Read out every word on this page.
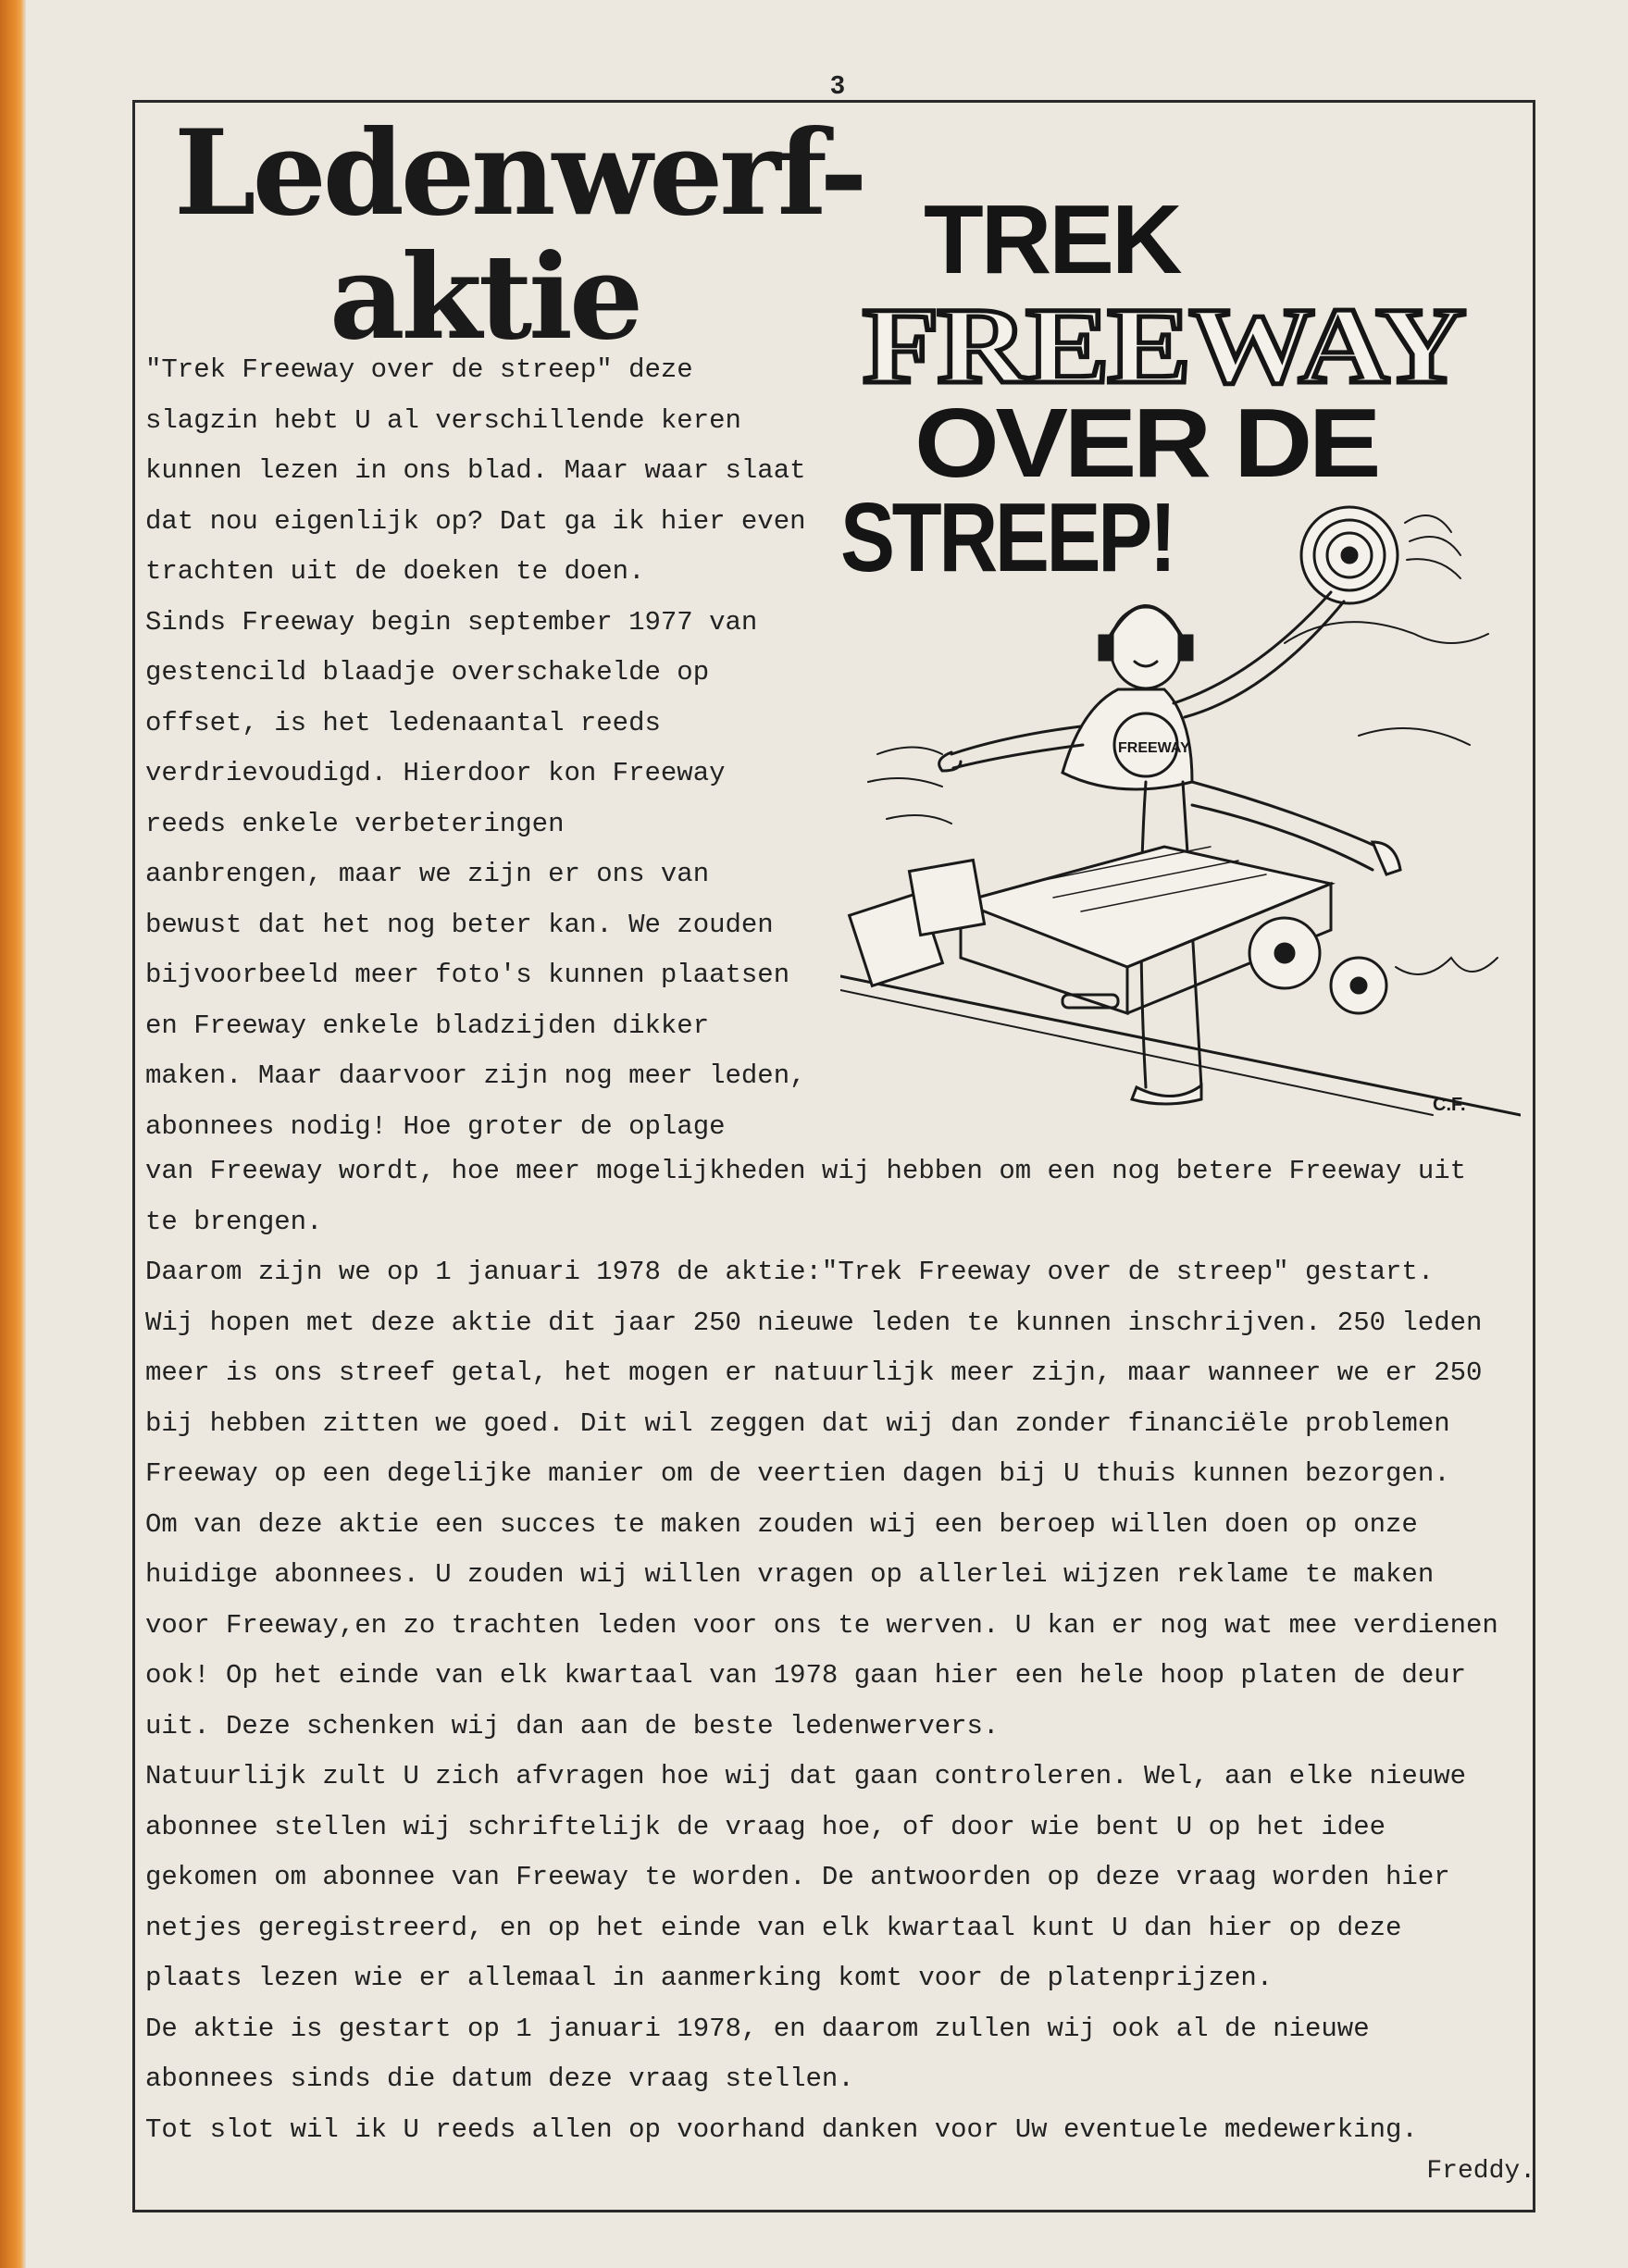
3
Ledenwerf-
aktie
"Trek Freeway over de streep" deze
slagzin hebt U al verschillende keren
kunnen lezen in ons blad. Maar waar slaat
dat nou eigenlijk op? Dat ga ik hier even
trachten uit de doeken te doen.
Sinds Freeway begin september 1977 van
gestencild blaadje overschakelde op
offset, is het ledenaantal reeds
verdrievoudigd. Hierdoor kon Freeway
reeds enkele verbeteringen
aanbrengen, maar we zijn er ons van
bewust dat het nog beter kan. We zouden
bijvoorbeeld meer foto's kunnen plaatsen
en Freeway enkele bladzijden dikker
maken. Maar daarvoor zijn nog meer leden,
abonnees nodig! Hoe groter de oplage
van Freeway wordt, hoe meer mogelijkheden wij hebben om een nog betere Freeway uit
te brengen.
Daarom zijn we op 1 januari 1978 de aktie:"Trek Freeway over de streep" gestart.
Wij hopen met deze aktie dit jaar 250 nieuwe leden te kunnen inschrijven. 250 leden
meer is ons streef getal, het mogen er natuurlijk meer zijn, maar wanneer we er 250
bij hebben zitten we goed. Dit wil zeggen dat wij dan zonder financiële problemen
Freeway op een degelijke manier om de veertien dagen bij U thuis kunnen bezorgen.
Om van deze aktie een succes te maken zouden wij een beroep willen doen op onze
huidige abonnees. U zouden wij willen vragen op allerlei wijzen reklame te maken
voor Freeway,en zo trachten leden voor ons te werven. U kan er nog wat mee verdienen
ook! Op het einde van elk kwartaal van 1978 gaan hier een hele hoop platen de deur
uit. Deze schenken wij dan aan de beste ledenwervers.
Natuurlijk zult U zich afvragen hoe wij dat gaan controleren. Wel, aan elke nieuwe
abonnee stellen wij schriftelijk de vraag hoe, of door wie bent U op het idee
gekomen om abonnee van Freeway te worden. De antwoorden op deze vraag worden hier
netjes geregistreerd, en op het einde van elk kwartaal kunt U dan hier op deze
plaats lezen wie er allemaal in aanmerking komt voor de platenprijzen.
De aktie is gestart op 1 januari 1978, en daarom zullen wij ook al de nieuwe
abonnees sinds die datum deze vraag stellen.
Tot slot wil ik U reeds allen op voorhand danken voor Uw eventuele medewerking.
Freddy.
TREK
FREEWAY
OVER DE
STREEP!
FREEWAY
C.F.
